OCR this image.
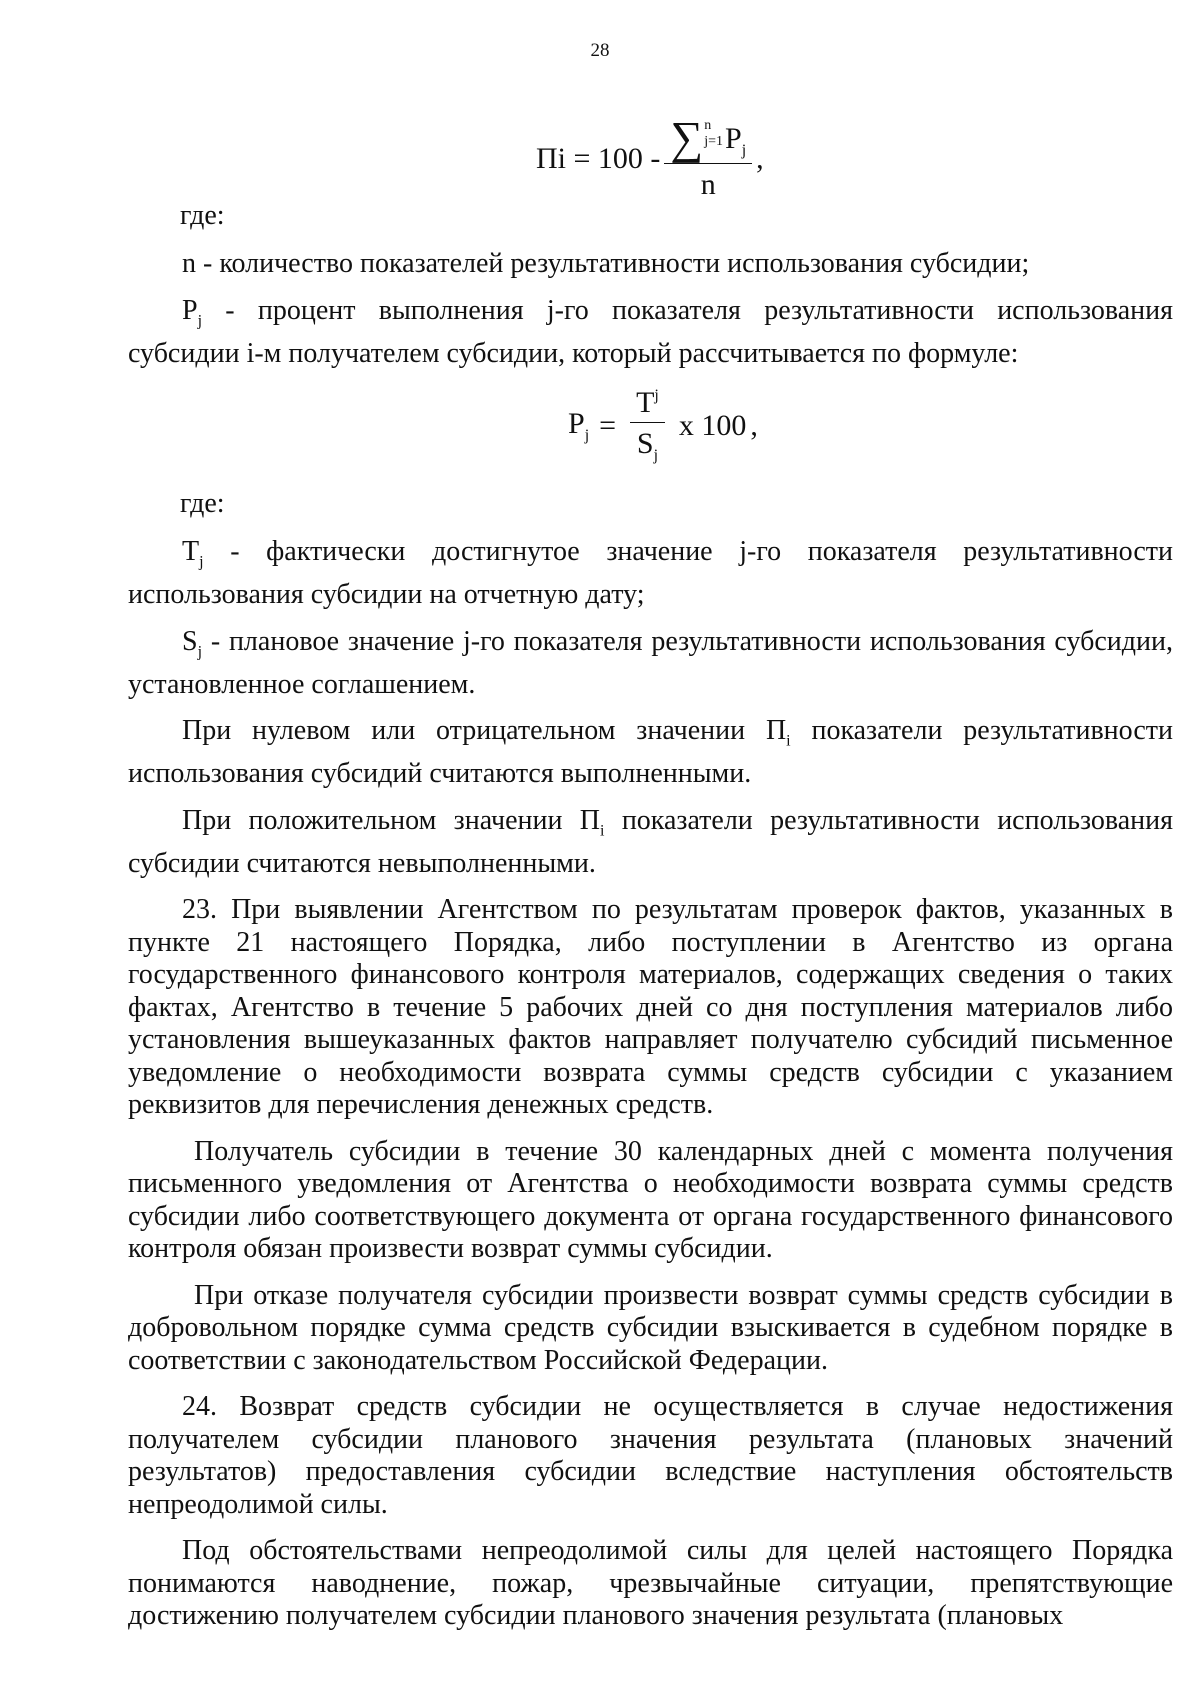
28
Пi = 100 - ∑ n
j=1 $P_j$
n
,
где:

n - количество показателей результативности использования субсидии;

$P_j$ - процент выполнения j-го показателя результативности использования субсидии i-м получателем субсидии, который рассчитывается по формуле:

$P_j = \frac{T^j}{S_j}$ x 100 ,
где:

$T_j$ - фактически достигнутое значение j-го показателя результативности использования субсидии на отчетную дату;

$S_j$ - плановое значение j-го показателя результативности использования субсидии, установленное соглашением.

При нулевом или отрицательном значении $П_i$ показатели результативности использования субсидий считаются выполненными.

При положительном значении $П_i$ показатели результативности использования субсидии считаются невыполненными.

23. При выявлении Агентством по результатам проверок фактов, указанных в пункте 21 настоящего Порядка, либо поступлении в Агентство из органа государственного финансового контроля материалов, содержащих сведения о таких фактах, Агентство в течение 5 рабочих дней со дня поступления материалов либо установления вышеуказанных фактов направляет получателю субсидий письменное уведомление о необходимости возврата суммы средств субсидии с указанием реквизитов для перечисления денежных средств.

Получатель субсидии в течение 30 календарных дней с момента получения письменного уведомления от Агентства о необходимости возврата суммы средств субсидии либо соответствующего документа от органа государственного финансового контроля обязан произвести возврат суммы субсидии.

При отказе получателя субсидии произвести возврат суммы средств субсидии в добровольном порядке сумма средств субсидии взыскивается в судебном порядке в соответствии с законодательством Российской Федерации.

24. Возврат средств субсидии не осуществляется в случае недостижения получателем субсидии планового значения результата (плановых значений результатов) предоставления субсидии вследствие наступления обстоятельств непреодолимой силы.

Под обстоятельствами непреодолимой силы для целей настоящего Порядка понимаются наводнение, пожар, чрезвычайные ситуации, препятствующие достижению получателем субсидии планового значения результата (плановых
